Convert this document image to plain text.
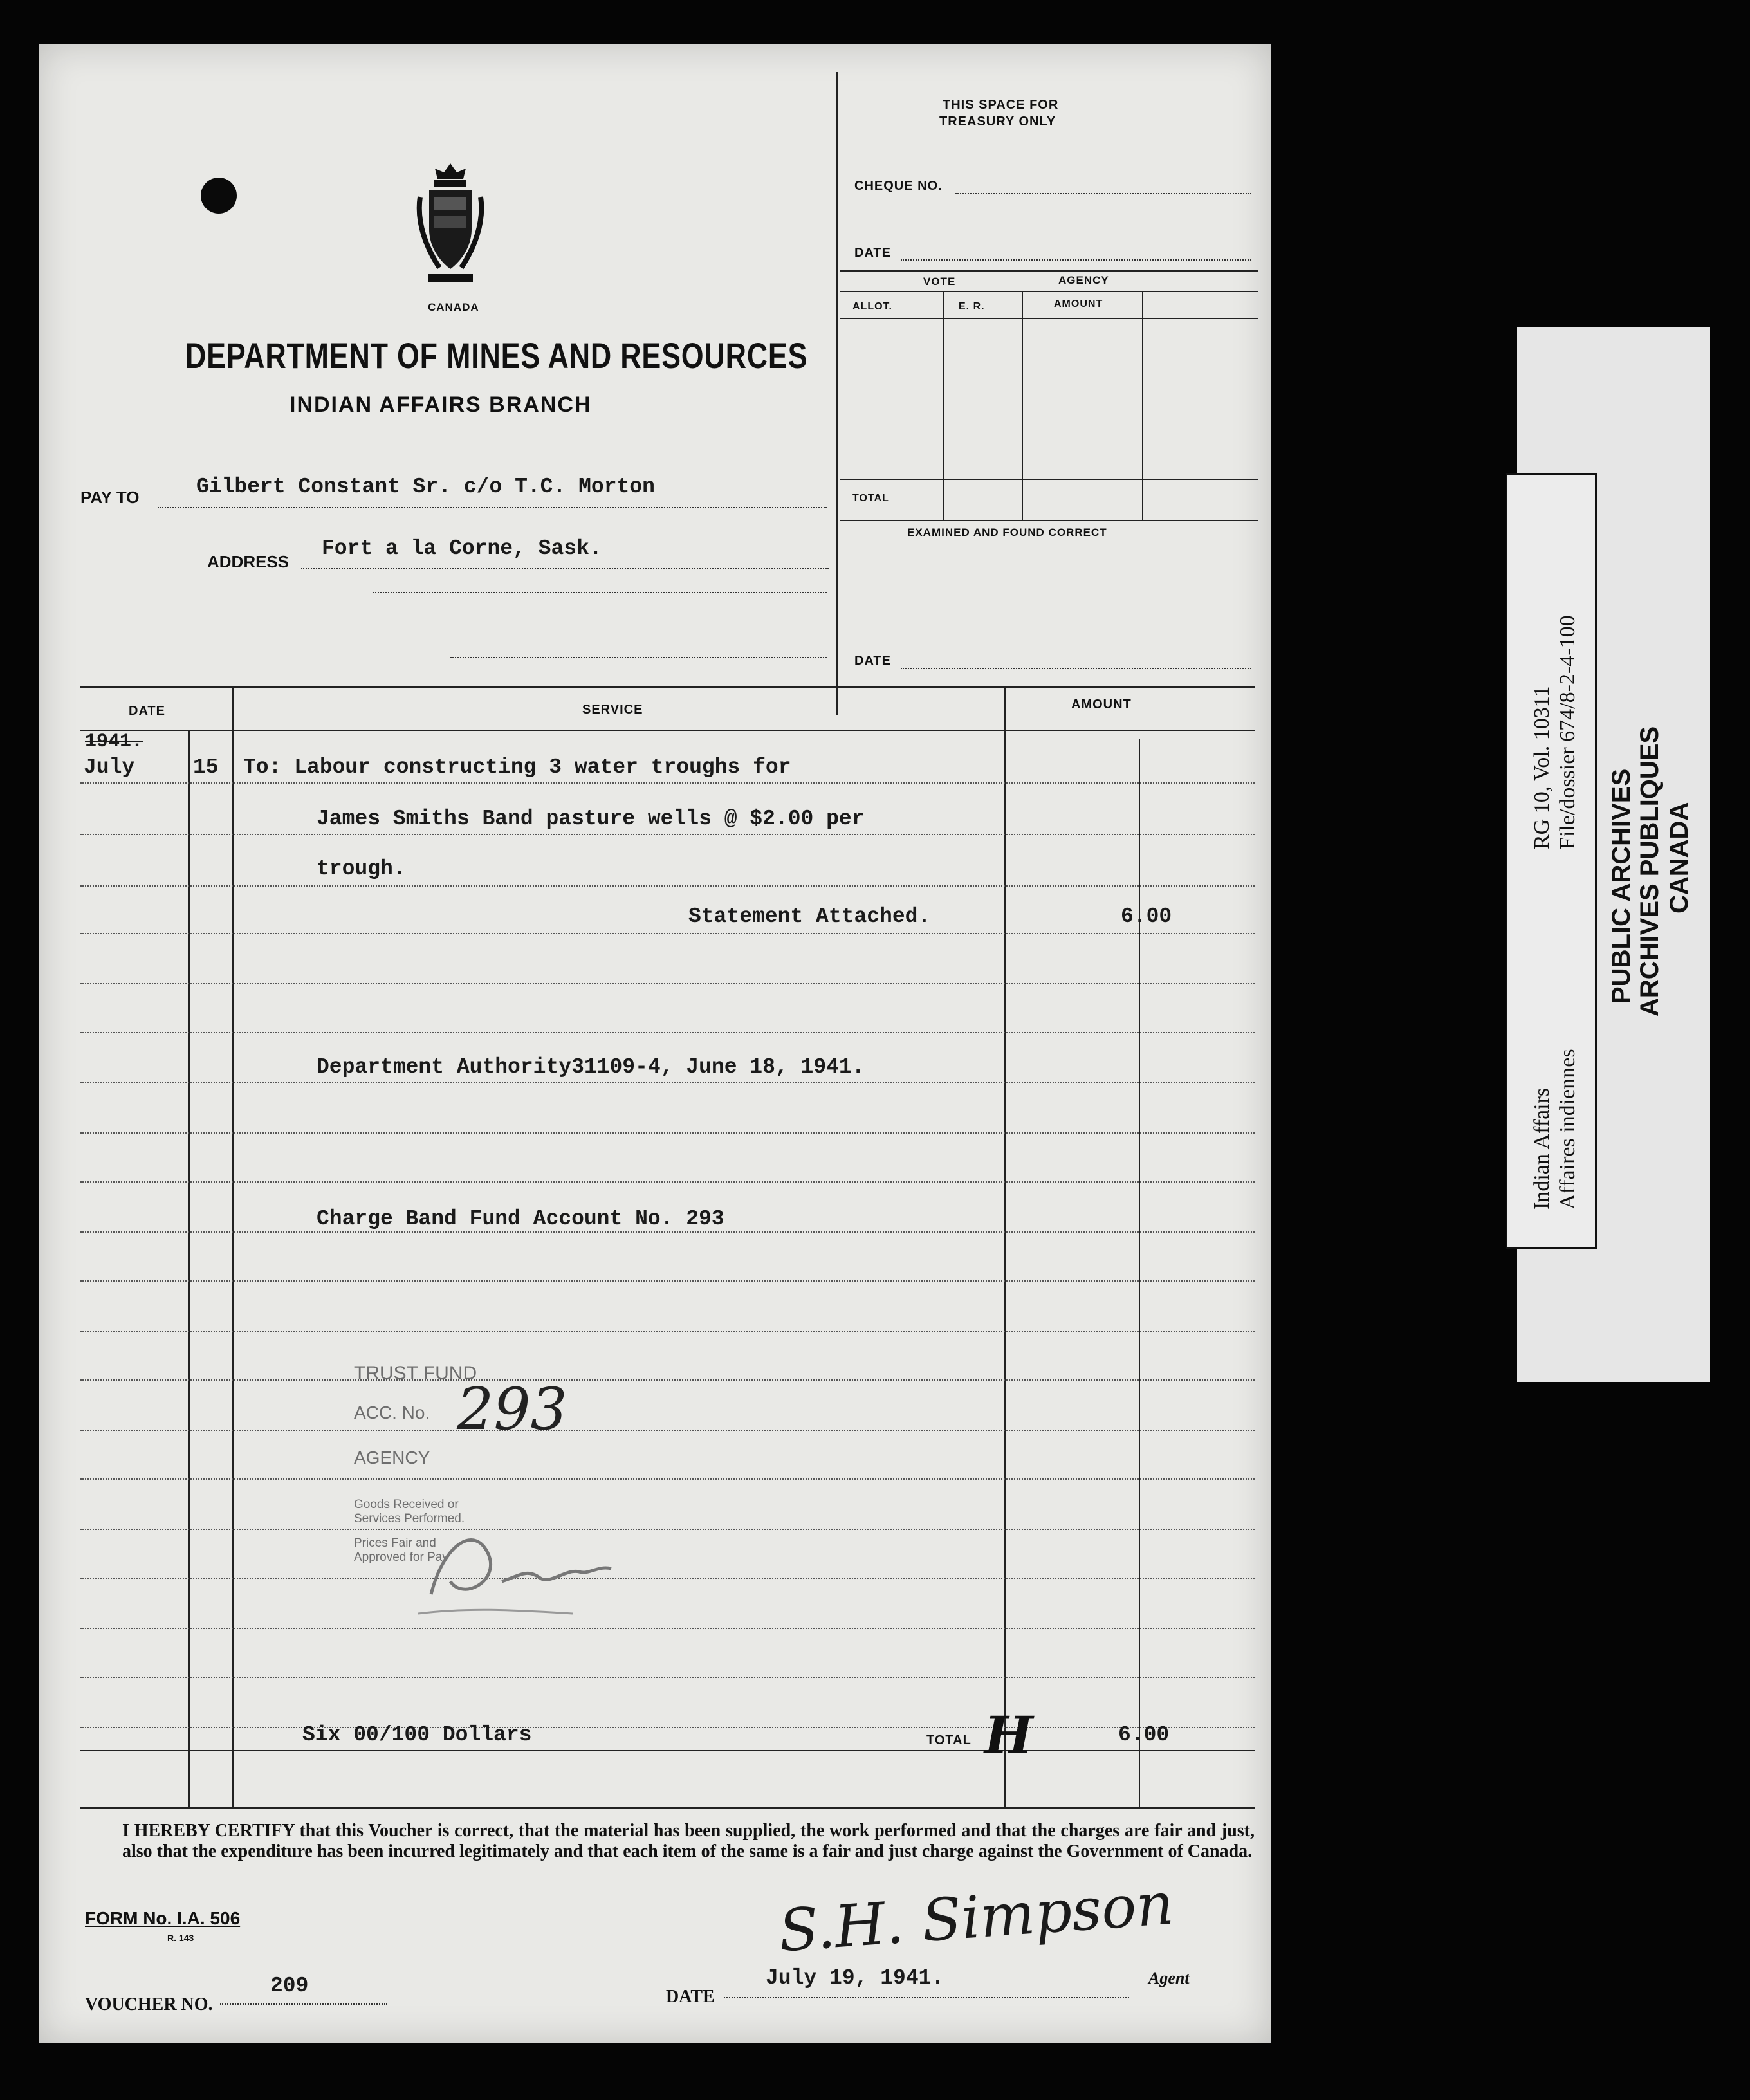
CANADA
DEPARTMENT OF MINES AND RESOURCES
INDIAN AFFAIRS BRANCH
PAY TO	Gilbert Constant Sr. c/o T.C. Morton
ADDRESS
Fort a la Corne, Sask.
THIS SPACE FOR
TREASURY ONLY
CHEQUE NO.
DATE
VOTE	AGENCY
ALLOT.	E. R.	AMOUNT
TOTAL
EXAMINED AND FOUND CORRECT
DATE
DATE	SERVICE	AMOUNT
1941.
July	15 To: Labour constructing 3 water troughs for
James Smiths Band pasture wells @ $2.00 per
trough.
Statement Attached.	6.00
Department Authority31109-4, June 18, 1941.
Charge Band Fund Account No. 293
Six 00/100 Dollars	TOTAL H	6.00
TRUST FUND
ACC. No. 293
AGENCY
Goods Received or
Services Performed.
Prices Fair and
Approved for Pay
I HEREBY CERTIFY that this Voucher is correct, that the material has been supplied, the work performed and that the charges are fair and just, also that the expenditure has been incurred legitimately and that each item of the same is a fair and just charge against the Government of Canada.
FORM No. I.A. 506
R. 143	S.H. Simpson
Agent
VOUCHER NO.
209	DATE
July 19, 1941.
Indian Affairs Affaires indiennes
RG 10, Vol. 10311 File/dossier 674/8-2-4-100
PUBLIC ARCHIVES ARCHIVES PUBLIQUES CANADA
